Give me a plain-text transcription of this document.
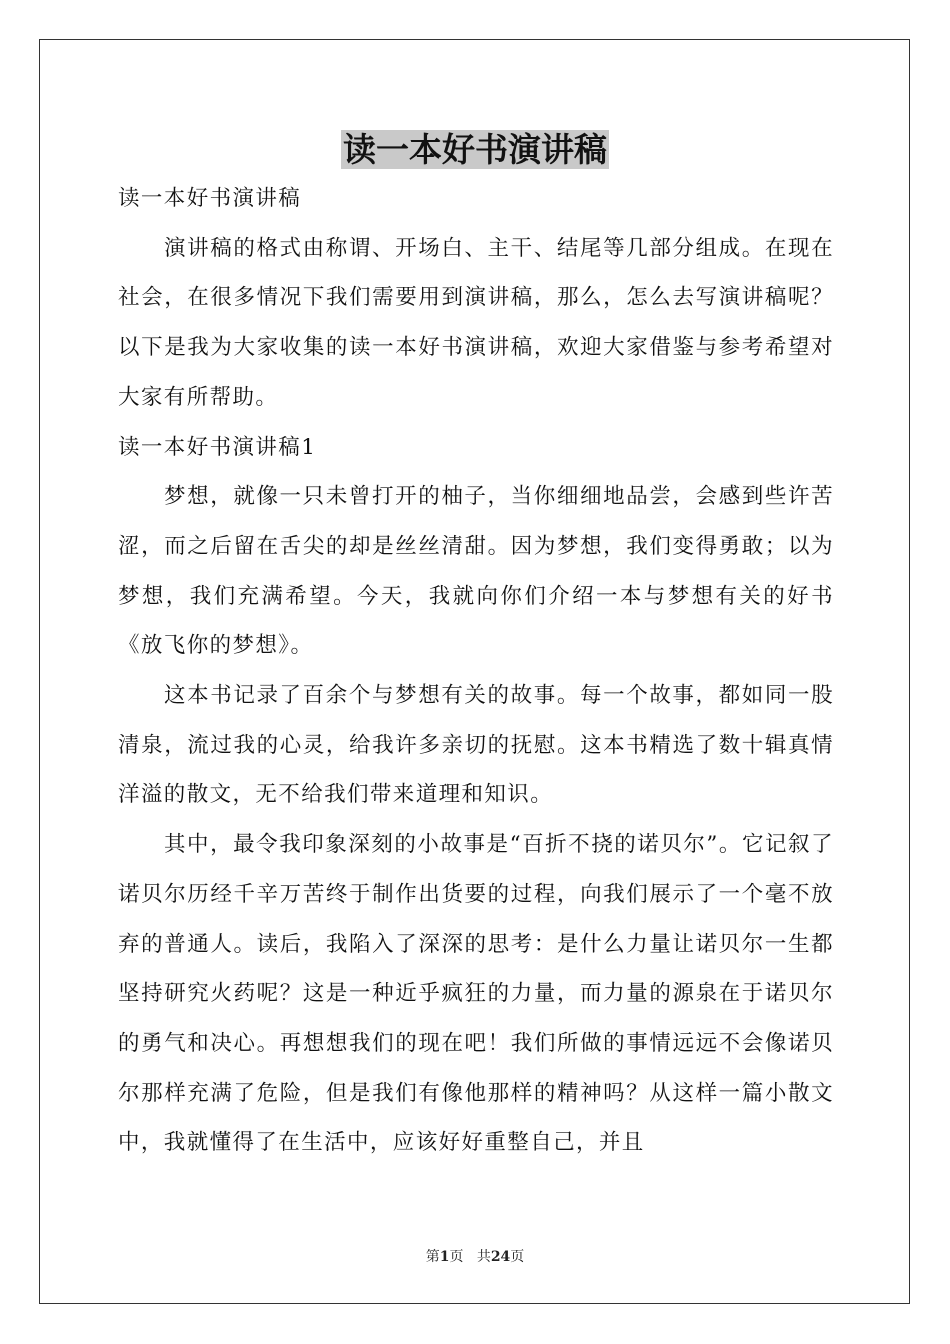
读一本好书演讲稿

读一本好书演讲稿

演讲稿的格式由称谓、开场白、主干、结尾等几部分组成。在现在社会，在很多情况下我们需要用到演讲稿，那么，怎么去写演讲稿呢？以下是我为大家收集的读一本好书演讲稿，欢迎大家借鉴与参考希望对大家有所帮助。

读一本好书演讲稿1

梦想，就像一只未曾打开的柚子，当你细细地品尝，会感到些许苦涩，而之后留在舌尖的却是丝丝清甜。因为梦想，我们变得勇敢；以为梦想，我们充满希望。今天，我就向你们介绍一本与梦想有关的好书《放飞你的梦想》。

这本书记录了百余个与梦想有关的故事。每一个故事，都如同一股清泉，流过我的心灵，给我许多亲切的抚慰。这本书精选了数十辑真情洋溢的散文，无不给我们带来道理和知识。

其中，最令我印象深刻的小故事是“百折不挠的诺贝尔”。它记叙了诺贝尔历经千辛万苦终于制作出货要的过程，向我们展示了一个毫不放弃的普通人。读后，我陷入了深深的思考：是什么力量让诺贝尔一生都坚持研究火药呢？这是一种近乎疯狂的力量，而力量的源泉在于诺贝尔的勇气和决心。再想想我们的现在吧！我们所做的事情远远不会像诺贝尔那样充满了危险，但是我们有像他那样的精神吗？从这样一篇小散文中，我就懂得了在生活中，应该好好重整自己，并且

第1页 共24页
